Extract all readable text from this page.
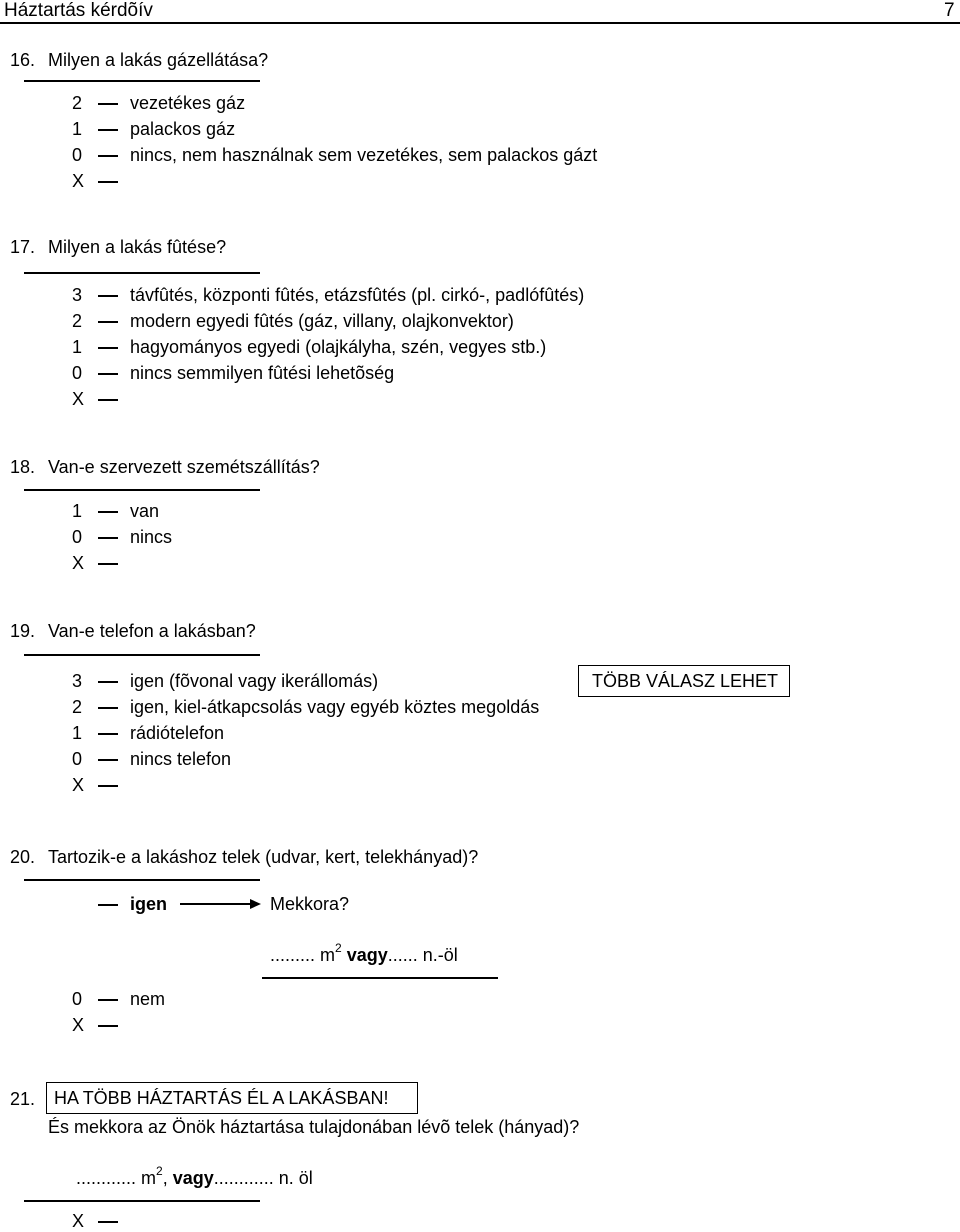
Háztartás kérdõív	7
16. Milyen a lakás gázellátása?
2	vezetékes gáz
1	palackos gáz
0	nincs, nem használnak sem vezetékes, sem palackos gázt
X
17. Milyen a lakás fûtése?
3	távfûtés, központi fûtés, etázsfûtés (pl. cirkó-, padlófûtés)
2	modern egyedi fûtés (gáz, villany, olajkonvektor)
1	hagyományos egyedi (olajkályha, szén, vegyes stb.)
0	nincs semmilyen fûtési lehetõség
X
18. Van-e szervezett szemétszállítás?
1	van
0	nincs
X
19. Van-e telefon a lakásban?
TÖBB VÁLASZ LEHET
3	igen (fõvonal vagy ikerállomás)
2	igen, kiel-átkapcsolás vagy egyéb köztes megoldás
1	rádiótelefon
0	nincs telefon
X
20. Tartozik-e a lakáshoz telek (udvar, kert, telekhányad)?
igen	Mekkora?
......... $m^2$ vagy...... n.-öl
0	nem
X
21. HA TÖBB HÁZTARTÁS ÉL A LAKÁSBAN!
És mekkora az Önök háztartása tulajdonában lévõ telek (hányad)?
............ $m^2$, vagy............ n. öl
X
